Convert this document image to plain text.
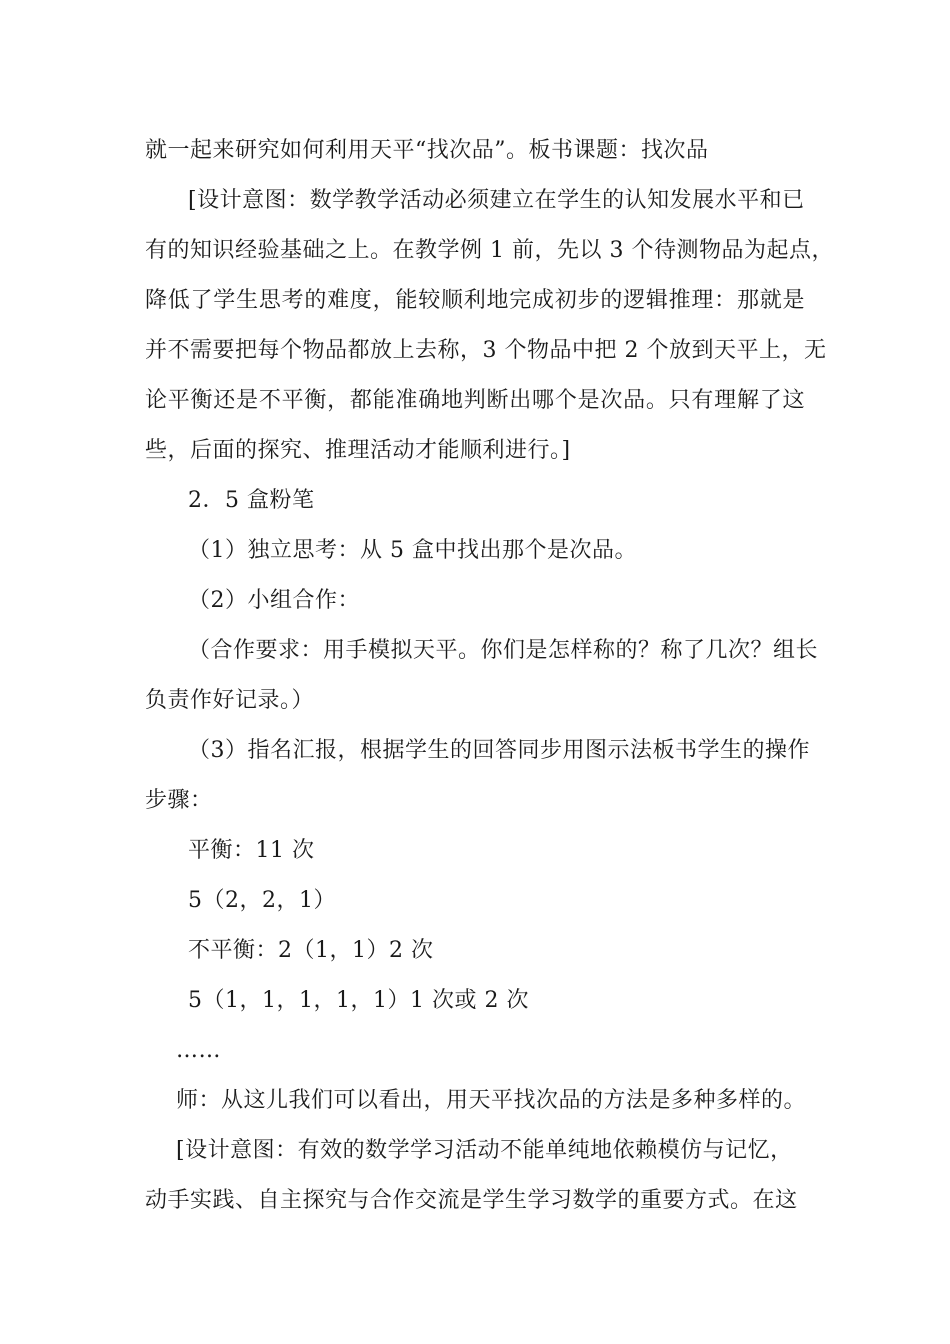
就一起来研究如何利用天平“找次品”。板书课题：找次品
[设计意图：数学教学活动必须建立在学生的认知发展水平和已
有的知识经验基础之上。在教学例 1 前，先以 3 个待测物品为起点，
降低了学生思考的难度，能较顺利地完成初步的逻辑推理：那就是
并不需要把每个物品都放上去称，3 个物品中把 2 个放到天平上，无
论平衡还是不平衡，都能准确地判断出哪个是次品。只有理解了这
些，后面的探究、推理活动才能顺利进行。]
2．5 盒粉笔
（1）独立思考：从 5 盒中找出那个是次品。
（2）小组合作：
（合作要求：用手模拟天平。你们是怎样称的？称了几次？组长
负责作好记录。）
（3）指名汇报，根据学生的回答同步用图示法板书学生的操作
步骤：
平衡：11 次
5（2，2，1）
不平衡：2（1，1）2 次
5（1，1，1，1，1）1 次或 2 次
……
师：从这儿我们可以看出，用天平找次品的方法是多种多样的。
[设计意图：有效的数学学习活动不能单纯地依赖模仿与记忆，
动手实践、自主探究与合作交流是学生学习数学的重要方式。在这
